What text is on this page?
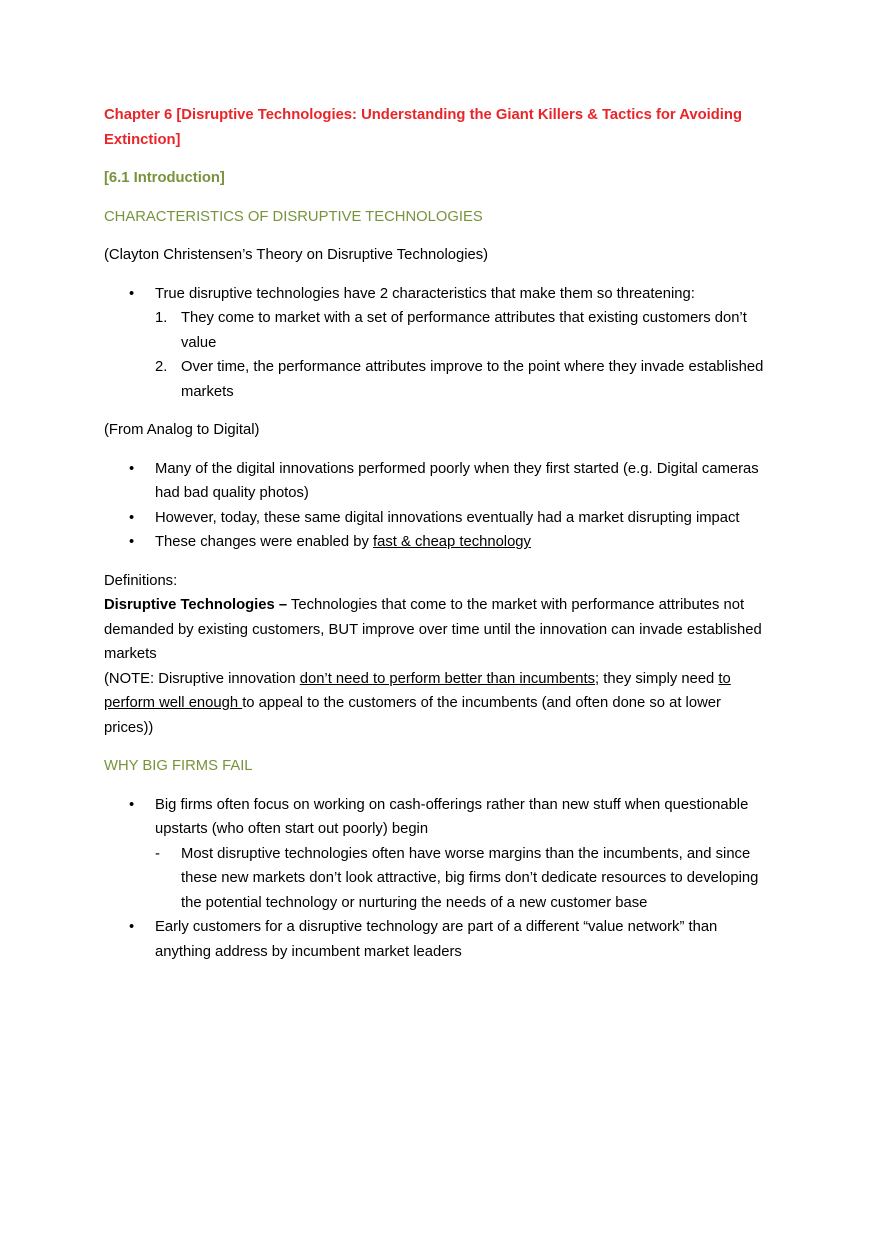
Chapter 6 [Disruptive Technologies: Understanding the Giant Killers & Tactics for Avoiding Extinction]

[6.1 Introduction]

CHARACTERISTICS OF DISRUPTIVE TECHNOLOGIES

(Clayton Christensen’s Theory on Disruptive Technologies)

•	True disruptive technologies have 2 characteristics that make them so threatening:
1. They come to market with a set of performance attributes that existing customers don’t value
2. Over time, the performance attributes improve to the point where they invade established markets

(From Analog to Digital)

•	Many of the digital innovations performed poorly when they first started (e.g. Digital cameras had bad quality photos)
•	However, today, these same digital innovations eventually had a market disrupting impact
•	These changes were enabled by fast & cheap technology

Definitions:

Disruptive Technologies – Technologies that come to the market with performance attributes not demanded by existing customers, BUT improve over time until the innovation can invade established markets

(NOTE: Disruptive innovation don’t need to perform better than incumbents; they simply need to perform well enough to appeal to the customers of the incumbents (and often done so at lower prices))

WHY BIG FIRMS FAIL

•	Big firms often focus on working on cash-offerings rather than new stuff when questionable upstarts (who often start out poorly) begin
- Most disruptive technologies often have worse margins than the incumbents, and since these new markets don’t look attractive, big firms don’t dedicate resources to developing the potential technology or nurturing the needs of a new customer base
•	Early customers for a disruptive technology are part of a different “value network” than anything address by incumbent market leaders
